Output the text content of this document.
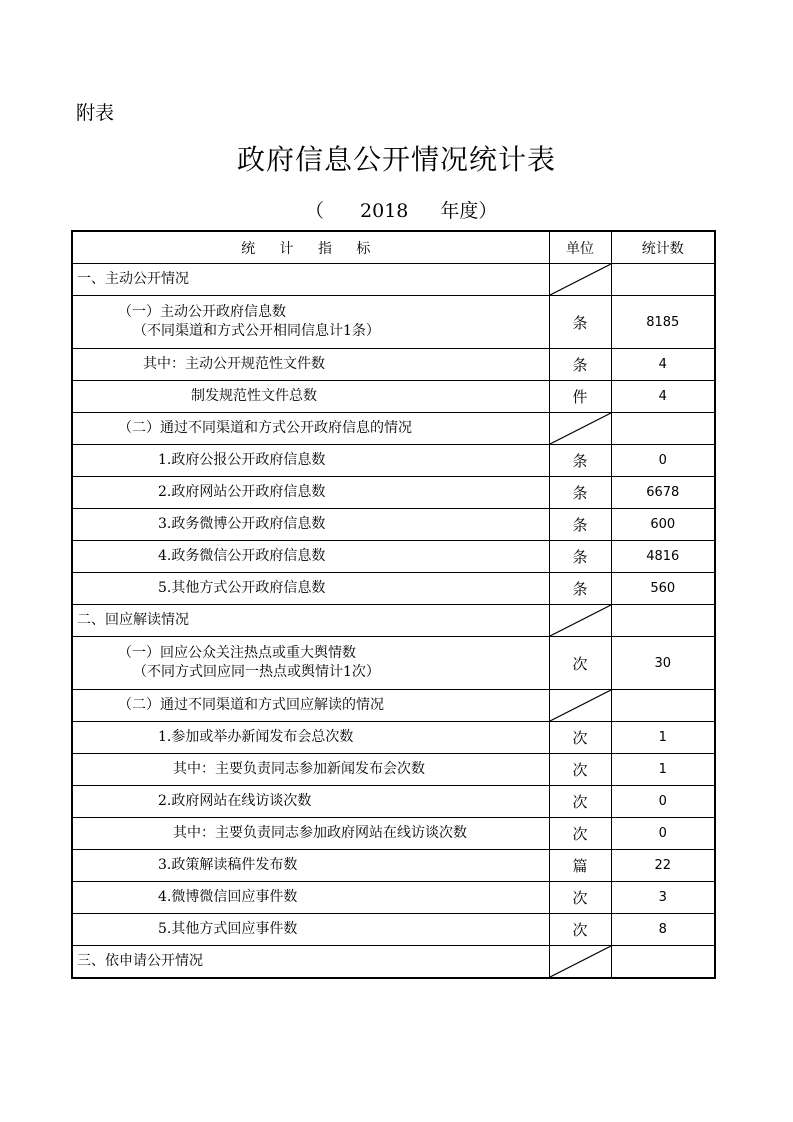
附表
政府信息公开情况统计表
（ 2018 年度）
统 计 指 标	单位	统计数

一、主动公开情况

（一）主动公开政府信息数
（不同渠道和方式公开相同信息计1条）	条	8185

其中：主动公开规范性文件数	条	4

制发规范性文件总数	件	4

（二）通过不同渠道和方式公开政府信息的情况

1.政府公报公开政府信息数	条	0

2.政府网站公开政府信息数	条	6678

3.政务微博公开政府信息数	条	600

4.政务微信公开政府信息数	条	4816

5.其他方式公开政府信息数	条	560

二、回应解读情况

（一）回应公众关注热点或重大舆情数
（不同方式回应同一热点或舆情计1次）	次	30

（二）通过不同渠道和方式回应解读的情况

1.参加或举办新闻发布会总次数	次	1

其中：主要负责同志参加新闻发布会次数	次	1

2.政府网站在线访谈次数	次	0

其中：主要负责同志参加政府网站在线访谈次数	次	0

3.政策解读稿件发布数	篇	22

4.微博微信回应事件数	次	3

5.其他方式回应事件数	次	8

三、依申请公开情况
